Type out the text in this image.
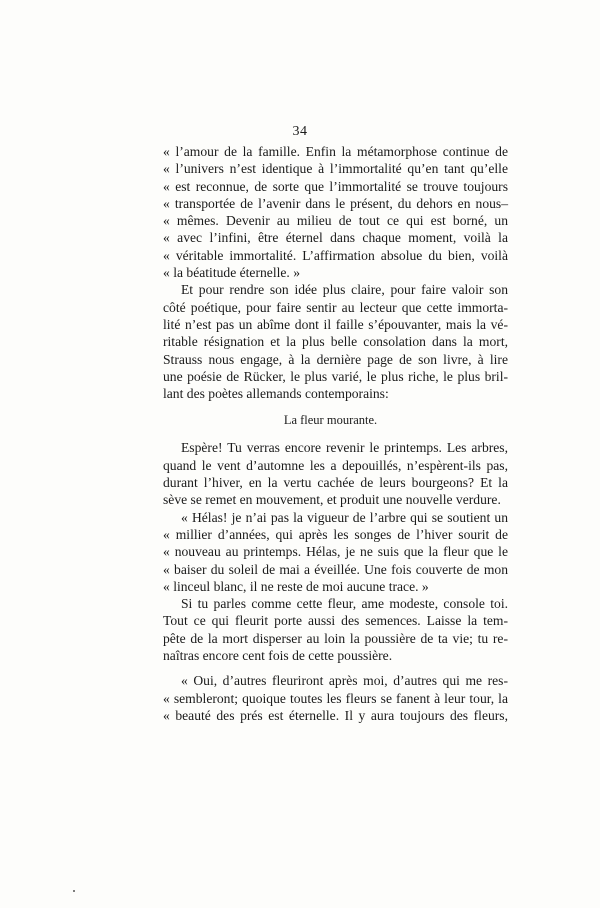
34
« l’amour de la famille. Enfin la métamorphose continue de
« l’univers n’est identique à l’immortalité qu’en tant qu’elle
« est reconnue, de sorte que l’immortalité se trouve toujours
« transportée de l’avenir dans le présent, du dehors en nous–
« mêmes. Devenir au milieu de tout ce qui est borné, un
« avec l’infini, être éternel dans chaque moment, voilà la
« véritable immortalité. L’affirmation absolue du bien, voilà
« la béatitude éternelle. »
Et pour rendre son idée plus claire, pour faire valoir son
côté poétique, pour faire sentir au lecteur que cette immorta-
lité n’est pas un abîme dont il faille s’épouvanter, mais la vé-
ritable résignation et la plus belle consolation dans la mort,
Strauss nous engage, à la dernière page de son livre, à lire
une poésie de Rücker, le plus varié, le plus riche, le plus bril-
lant des poètes allemands contemporains:
La fleur mourante.
Espère! Tu verras encore revenir le printemps. Les arbres,
quand le vent d’automne les a depouillés, n’espèrent-ils pas,
durant l’hiver, en la vertu cachée de leurs bourgeons? Et la
sève se remet en mouvement, et produit une nouvelle verdure.
« Hélas! je n’ai pas la vigueur de l’arbre qui se soutient un
« millier d’années, qui après les songes de l’hiver sourit de
« nouveau au printemps. Hélas, je ne suis que la fleur que le
« baiser du soleil de mai a éveillée. Une fois couverte de mon
« linceul blanc, il ne reste de moi aucune trace. »
Si tu parles comme cette fleur, ame modeste, console toi.
Tout ce qui fleurit porte aussi des semences. Laisse la tem-
pête de la mort disperser au loin la poussière de ta vie; tu re-
naîtras encore cent fois de cette poussière.
« Oui, d’autres fleuriront après moi, d’autres qui me res-
« sembleront; quoique toutes les fleurs se fanent à leur tour, la
« beauté des prés est éternelle. Il y aura toujours des fleurs,
